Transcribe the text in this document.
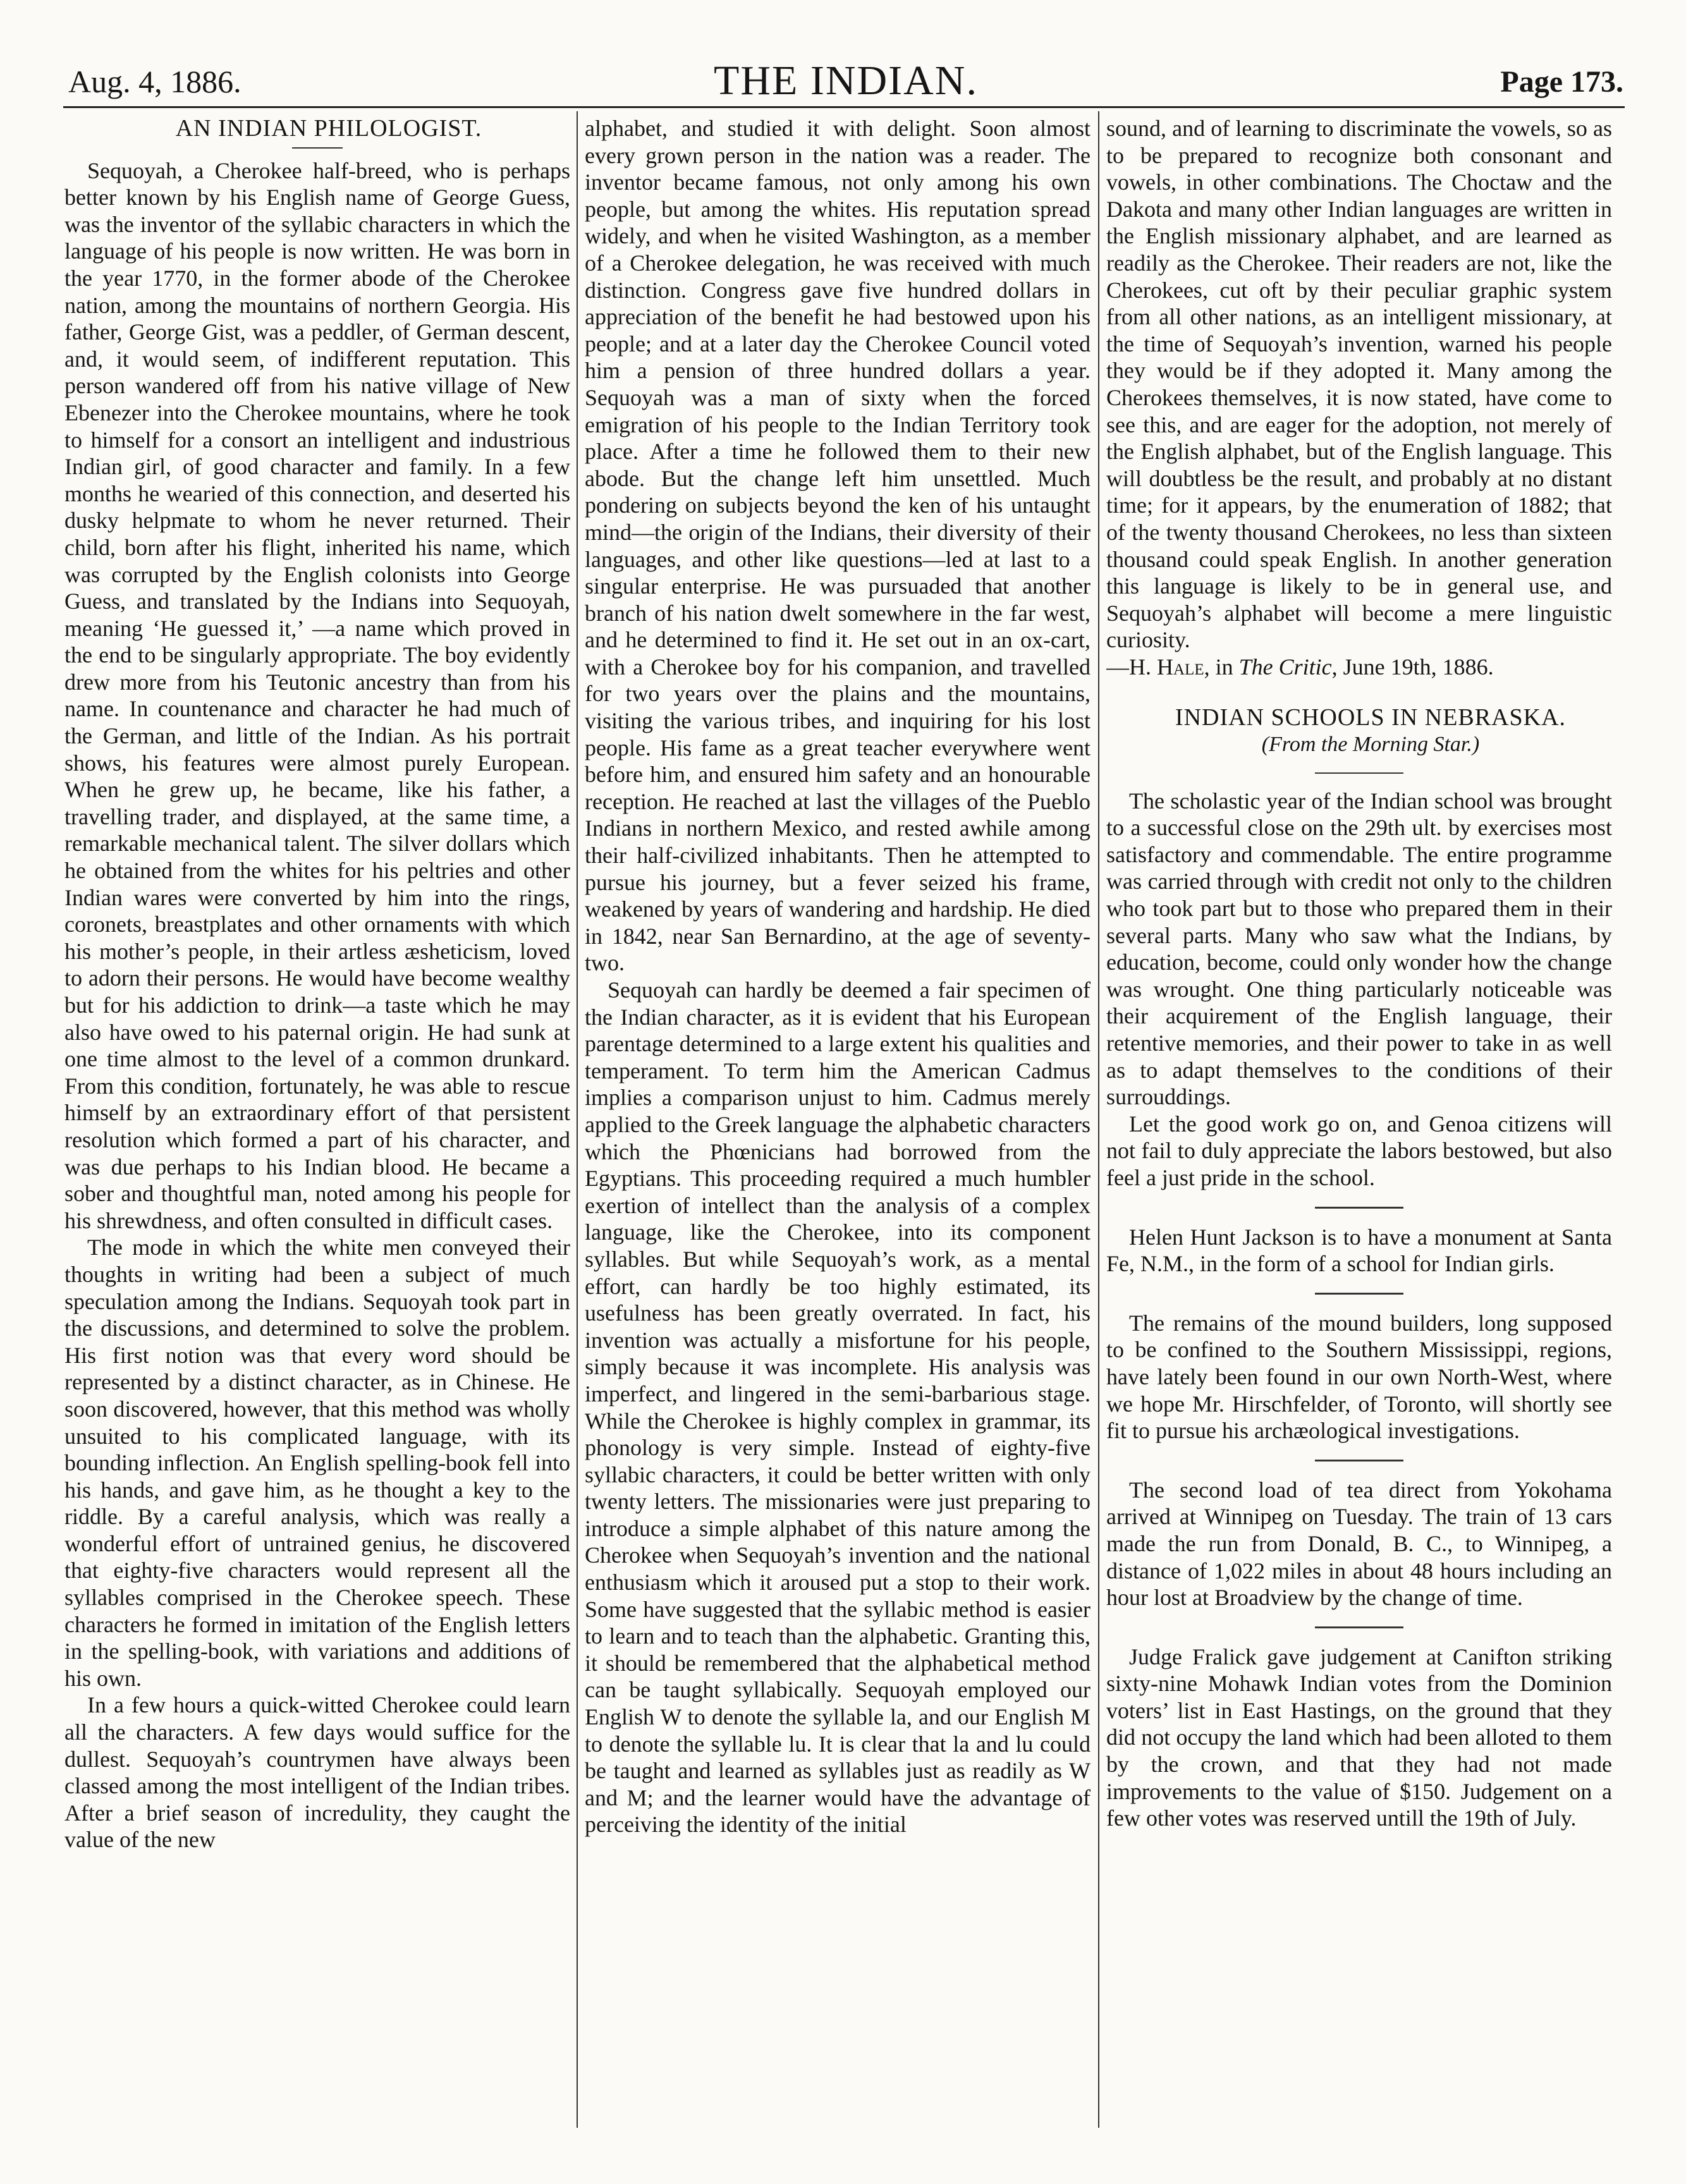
Aug. 4, 1886.	THE INDIAN.	Page 173.

AN INDIAN PHILOLOGIST.

Sequoyah, a Cherokee half-breed, who is perhaps better known by his English name of George Guess, was the inventor of the syllabic characters in which the language of his people is now written. He was born in the year 1770, in the former abode of the Cherokee nation, among the mountains of northern Georgia. His father, George Gist, was a peddler, of German descent, and, it would seem, of indifferent reputation. This person wandered off from his native village of New Ebenezer into the Cherokee mountains, where he took to himself for a consort an intelligent and industrious Indian girl, of good character and family. In a few months he wearied of this connection, and deserted his dusky helpmate to whom he never returned. Their child, born after his flight, inherited his name, which was corrupted by the English colonists into George Guess, and translated by the Indians into Sequoyah, meaning ‘He guessed it,’ —a name which proved in the end to be singularly appropriate. The boy evidently drew more from his Teutonic ancestry than from his name. In countenance and character he had much of the German, and little of the Indian. As his portrait shows, his features were almost purely European. When he grew up, he became, like his father, a travelling trader, and displayed, at the same time, a remarkable mechanical talent. The silver dollars which he obtained from the whites for his peltries and other Indian wares were converted by him into the rings, coronets, breastplates and other ornaments with which his mother’s people, in their artless æsheticism, loved to adorn their persons. He would have become wealthy but for his addiction to drink—a taste which he may also have owed to his paternal origin. He had sunk at one time almost to the level of a common drunkard. From this condition, fortunately, he was able to rescue himself by an extraordinary effort of that persistent resolution which formed a part of his character, and was due perhaps to his Indian blood. He became a sober and thoughtful man, noted among his people for his shrewdness, and often consulted in difficult cases.

The mode in which the white men conveyed their thoughts in writing had been a subject of much speculation among the Indians. Sequoyah took part in the discussions, and determined to solve the problem. His first notion was that every word should be represented by a distinct character, as in Chinese. He soon discovered, however, that this method was wholly unsuited to his complicated language, with its bounding inflection. An English spelling-book fell into his hands, and gave him, as he thought a key to the riddle. By a careful analysis, which was really a wonderful effort of untrained genius, he discovered that eighty-five characters would represent all the syllables comprised in the Cherokee speech. These characters he formed in imitation of the English letters in the spelling-book, with variations and additions of his own.

In a few hours a quick-witted Cherokee could learn all the characters. A few days would suffice for the dullest. Sequoyah’s countrymen have always been classed among the most intelligent of the Indian tribes. After a brief season of incredulity, they caught the value of the new

alphabet, and studied it with delight. Soon almost every grown person in the nation was a reader. The inventor became famous, not only among his own people, but among the whites. His reputation spread widely, and when he visited Washington, as a member of a Cherokee delegation, he was received with much distinction. Congress gave five hundred dollars in appreciation of the benefit he had bestowed upon his people; and at a later day the Cherokee Council voted him a pension of three hundred dollars a year. Sequoyah was a man of sixty when the forced emigration of his people to the Indian Territory took place. After a time he followed them to their new abode. But the change left him unsettled. Much pondering on subjects beyond the ken of his untaught mind—the origin of the Indians, their diversity of their languages, and other like questions—led at last to a singular enterprise. He was pursuaded that another branch of his nation dwelt somewhere in the far west, and he determined to find it. He set out in an ox-cart, with a Cherokee boy for his companion, and travelled for two years over the plains and the mountains, visiting the various tribes, and inquiring for his lost people. His fame as a great teacher everywhere went before him, and ensured him safety and an honourable reception. He reached at last the villages of the Pueblo Indians in northern Mexico, and rested awhile among their half-civilized inhabitants. Then he attempted to pursue his journey, but a fever seized his frame, weakened by years of wandering and hardship. He died in 1842, near San Bernardino, at the age of seventy-two.

Sequoyah can hardly be deemed a fair specimen of the Indian character, as it is evident that his European parentage determined to a large extent his qualities and temperament. To term him the American Cadmus implies a comparison unjust to him. Cadmus merely applied to the Greek language the alphabetic characters which the Phœnicians had borrowed from the Egyptians. This proceeding required a much humbler exertion of intellect than the analysis of a complex language, like the Cherokee, into its component syllables. But while Sequoyah’s work, as a mental effort, can hardly be too highly estimated, its usefulness has been greatly overrated. In fact, his invention was actually a misfortune for his people, simply because it was incomplete. His analysis was imperfect, and lingered in the semi-barbarious stage. While the Cherokee is highly complex in grammar, its phonology is very simple. Instead of eighty-five syllabic characters, it could be better written with only twenty letters. The missionaries were just preparing to introduce a simple alphabet of this nature among the Cherokee when Sequoyah’s invention and the national enthusiasm which it aroused put a stop to their work. Some have suggested that the syllabic method is easier to learn and to teach than the alphabetic. Granting this, it should be remembered that the alphabetical method can be taught syllabically. Sequoyah employed our English W to denote the syllable la, and our English M to denote the syllable lu. It is clear that la and lu could be taught and learned as syllables just as readily as W and M; and the learner would have the advantage of perceiving the identity of the initial

sound, and of learning to discriminate the vowels, so as to be prepared to recognize both consonant and vowels, in other combinations. The Choctaw and the Dakota and many other Indian languages are written in the English missionary alphabet, and are learned as readily as the Cherokee. Their readers are not, like the Cherokees, cut oft by their peculiar graphic system from all other nations, as an intelligent missionary, at the time of Sequoyah’s invention, warned his people they would be if they adopted it. Many among the Cherokees themselves, it is now stated, have come to see this, and are eager for the adoption, not merely of the English alphabet, but of the English language. This will doubtless be the result, and probably at no distant time; for it appears, by the enumeration of 1882; that of the twenty thousand Cherokees, no less than sixteen thousand could speak English. In another generation this language is likely to be in general use, and Sequoyah’s alphabet will become a mere linguistic curiosity.

—H. Hale, in The Critic, June 19th, 1886.

INDIAN SCHOOLS IN NEBRASKA.

(From the Morning Star.)

The scholastic year of the Indian school was brought to a successful close on the 29th ult. by exercises most satisfactory and commendable. The entire programme was carried through with credit not only to the children who took part but to those who prepared them in their several parts. Many who saw what the Indians, by education, become, could only wonder how the change was wrought. One thing particularly noticeable was their acquirement of the English language, their retentive memories, and their power to take in as well as to adapt themselves to the conditions of their surrouddings.

Let the good work go on, and Genoa citizens will not fail to duly appreciate the labors bestowed, but also feel a just pride in the school.

Helen Hunt Jackson is to have a monument at Santa Fe, N.M., in the form of a school for Indian girls.

The remains of the mound builders, long supposed to be confined to the Southern Mississippi, regions, have lately been found in our own North-West, where we hope Mr. Hirschfelder, of Toronto, will shortly see fit to pursue his archæological investigations.

The second load of tea direct from Yokohama arrived at Winnipeg on Tuesday. The train of 13 cars made the run from Donald, B. C., to Winnipeg, a distance of 1,022 miles in about 48 hours including an hour lost at Broadview by the change of time.

Judge Fralick gave judgement at Canifton striking sixty-nine Mohawk Indian votes from the Dominion voters’ list in East Hastings, on the ground that they did not occupy the land which had been alloted to them by the crown, and that they had not made improvements to the value of $150. Judgement on a few other votes was reserved untill the 19th of July.
